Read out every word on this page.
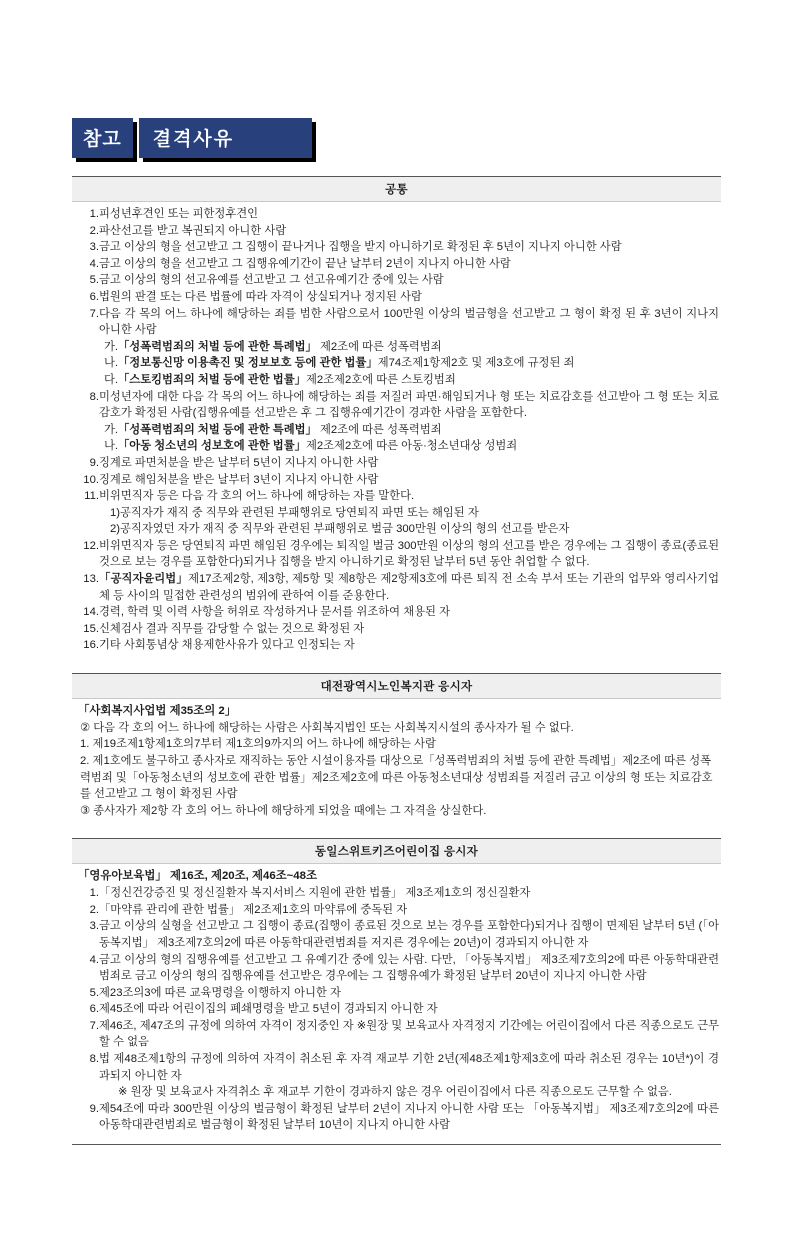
참고	결격사유
공통
1. 피성년후견인 또는 피한정후견인
2. 파산선고를 받고 복권되지 아니한 사람
3. 금고 이상의 형을 선고받고 그 집행이 끝나거나 집행을 받지 아니하기로 확정된 후 5년이 지나지 아니한 사람
4. 금고 이상의 형을 선고받고 그 집행유예기간이 끝난 날부터 2년이 지나지 아니한 사람
5. 금고 이상의 형의 선고유예를 선고받고 그 선고유예기간 중에 있는 사람
6. 법원의 판결 또는 다른 법률에 따라 자격이 상실되거나 정지된 사람
7. 다음 각 목의 어느 하나에 해당하는 죄를 범한 사람으로서 100만원 이상의 벌금형을 선고받고 그 형이 확정 된 후 3년이 지나지 아니한 사람
가. 「성폭력범죄의 처벌 등에 관한 특례법」 제2조에 따른 성폭력범죄
나. 「정보통신망 이용촉진 및 정보보호 등에 관한 법률」제74조제1항제2호 및 제3호에 규정된 죄
다. 「스토킹범죄의 처벌 등에 관한 법률」제2조제2호에 따른 스토킹범죄
8. 미성년자에 대한 다음 각 목의 어느 하나에 해당하는 죄를 저질러 파면·해임되거나 형 또는 치료감호를 선고받아 그 형 또는 치료감호가 확정된 사람(집행유예를 선고받은 후 그 집행유예기간이 경과한 사람을 포함한다.
가. 「성폭력범죄의 처벌 등에 관한 특례법」 제2조에 따른 성폭력범죄
나. 「아동 청소년의 성보호에 관한 법률」제2조제2호에 따른 아동·청소년대상 성범죄
9. 징계로 파면처분을 받은 날부터 5년이 지나지 아니한 사람
10. 징계로 해임처분을 받은 날부터 3년이 지나지 아니한 사람
11. 비위면직자 등은 다음 각 호의 어느 하나에 해당하는 자를 말한다.
1) 공직자가 재직 중 직무와 관련된 부패행위로 당연퇴직 파면 또는 해임된 자
2) 공직자였던 자가 재직 중 직무와 관련된 부패행위로 벌금 300만원 이상의 형의 선고를 받은자
12. 비위면직자 등은 당연퇴직 파면 해임된 경우에는 퇴직일 벌금 300만원 이상의 형의 선고를 받은 경우에는 그 집행이 종료(종료된 것으로 보는 경우를 포함한다)되거나 집행을 받지 아니하기로 확정된 날부터 5년 동안 취업할 수 없다.
13. 「공직자윤리법」제17조제2항, 제3항, 제5항 및 제8항은 제2항제3호에 따른 퇴직 전 소속 부서 또는 기관의 업무와 영리사기업체 등 사이의 밀접한 관련성의 범위에 관하여 이를 준용한다.
14. 경력, 학력 및 이력 사항을 허위로 작성하거나 문서를 위조하여 채용된 자
15. 신체검사 결과 직무를 감당할 수 없는 것으로 확정된 자
16. 기타 사회통념상 채용제한사유가 있다고 인정되는 자
대전광역시노인복지관 응시자
「사회복지사업법 제35조의 2」
② 다음 각 호의 어느 하나에 해당하는 사람은 사회복지법인 또는 사회복지시설의 종사자가 될 수 없다.
1. 제19조제1항제1호의7부터 제1호의9까지의 어느 하나에 해당하는 사람
2. 제1호에도 불구하고 종사자로 재직하는 동안 시설이용자를 대상으로「성폭력범죄의 처벌 등에 관한 특례법」제2조에 따른 성폭력범죄 및「아동청소년의 성보호에 관한 법률」제2조제2호에 따른 아동청소년대상 성범죄를 저질러 금고 이상의 형 또는 치료감호를 선고받고 그 형이 확정된 사람
③ 종사자가 제2항 각 호의 어느 하나에 해당하게 되었을 때에는 그 자격을 상실한다.
동일스위트키즈어린이집 응시자
「영유아보육법」 제16조, 제20조, 제46조~48조
1. 「정신건강증진 및 정신질환자 복지서비스 지원에 관한 법률」 제3조제1호의 정신질환자
2. 「마약류 관리에 관한 법률」 제2조제1호의 마약류에 중독된 자
3. 금고 이상의 실형을 선고받고 그 집행이 종료(집행이 종료된 것으로 보는 경우를 포함한다)되거나 집행이 면제된 날부터 5년 (「아동복지법」 제3조제7호의2에 따른 아동학대관련범죄를 저지른 경우에는 20년)이 경과되지 아니한 자
4. 금고 이상의 형의 집행유예를 선고받고 그 유예기간 중에 있는 사람. 다만, 「아동복지법」 제3조제7호의2에 따른 아동학대관련범죄로 금고 이상의 형의 집행유예를 선고받은 경우에는 그 집행유예가 확정된 날부터 20년이 지나지 아니한 사람
5. 제23조의3에 따른 교육명령을 이행하지 아니한 자
6. 제45조에 따라 어린이집의 폐쇄명령을 받고 5년이 경과되지 아니한 자
7. 제46조, 제47조의 규정에 의하여 자격이 정지중인 자 ※원장 및 보육교사 자격정지 기간에는 어린이집에서 다른 직종으로도 근무할 수 없음
8. 법 제48조제1항의 규정에 의하여 자격이 취소된 후 자격 재교부 기한 2년(제48조제1항제3호에 따라 취소된 경우는 10년*)이 경과되지 아니한 자
※ 원장 및 보육교사 자격취소 후 재교부 기한이 경과하지 않은 경우 어린이집에서 다른 직종으로도 근무할 수 없음.
9. 제54조에 따라 300만원 이상의 벌금형이 확정된 날부터 2년이 지나지 아니한 사람 또는 「아동복지법」 제3조제7호의2에 따른 아동학대관련범죄로 벌금형이 확정된 날부터 10년이 지나지 아니한 사람
